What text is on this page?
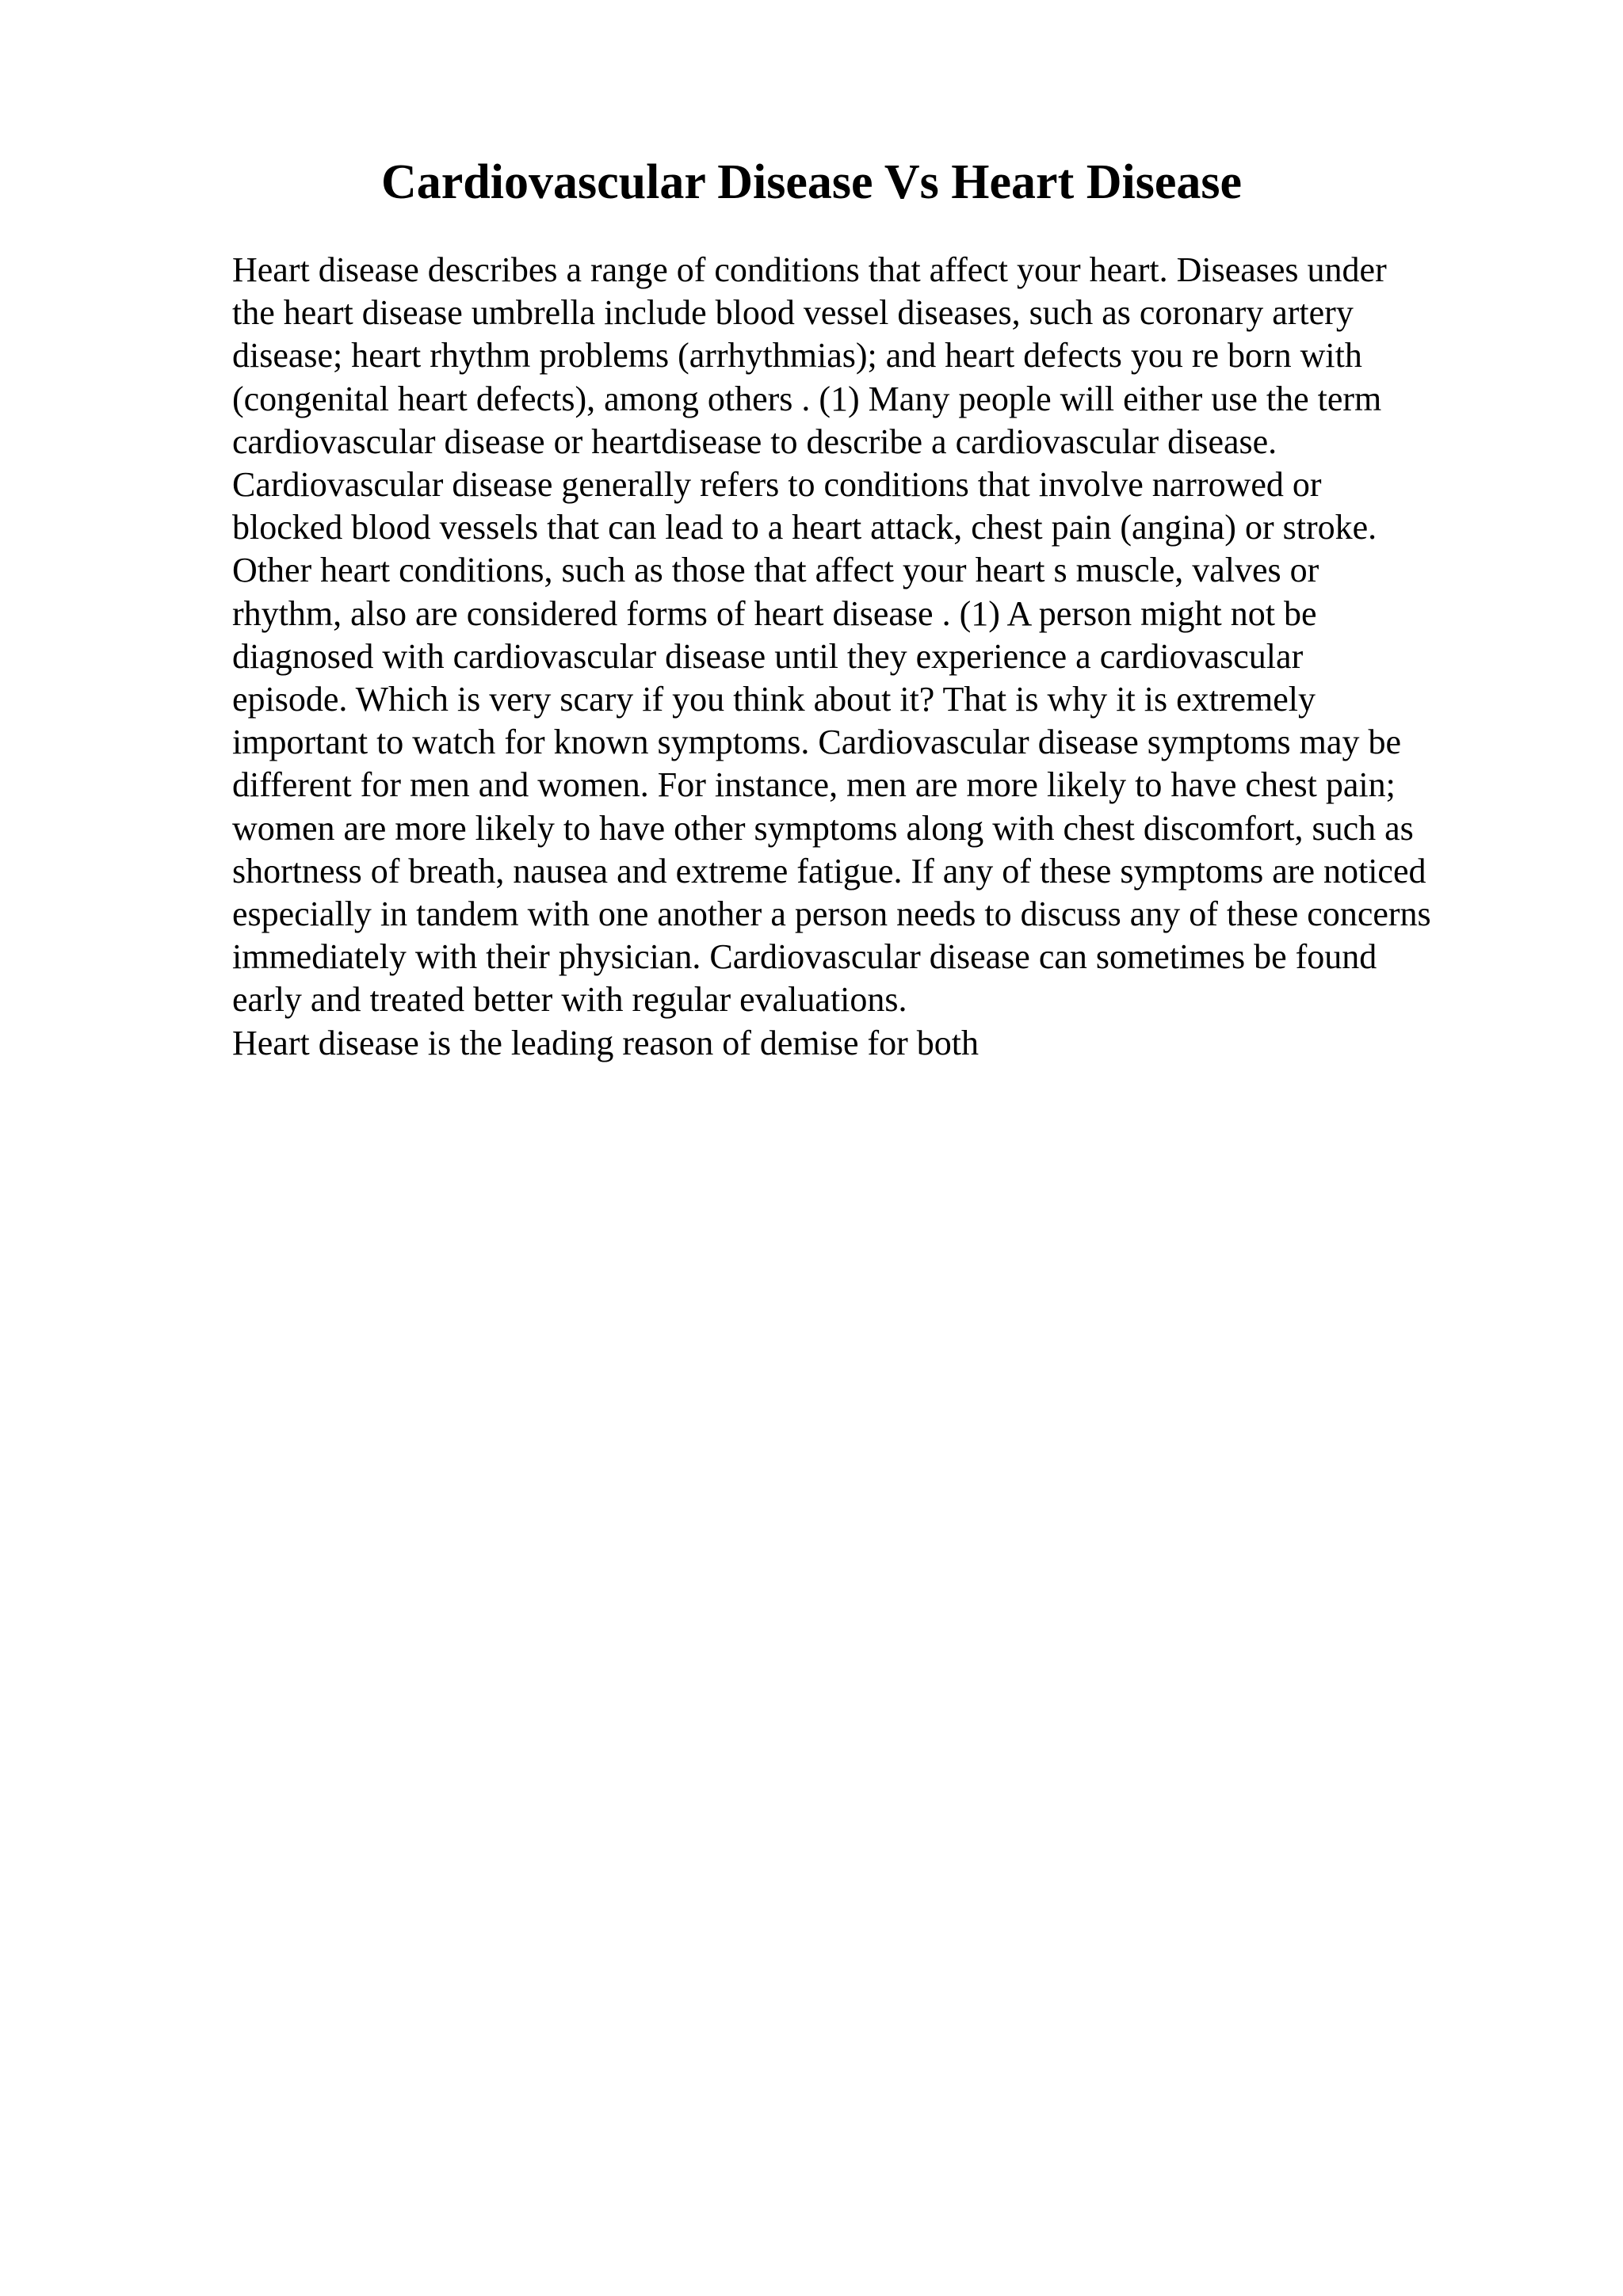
Cardiovascular Disease Vs Heart Disease
Heart disease describes a range of conditions that affect your heart. Diseases under
the heart disease umbrella include blood vessel diseases, such as coronary artery
disease; heart rhythm problems (arrhythmias); and heart defects you re born with
(congenital heart defects), among others . (1) Many people will either use the term
cardiovascular disease or heartdisease to describe a cardiovascular disease.
Cardiovascular disease generally refers to conditions that involve narrowed or
blocked blood vessels that can lead to a heart attack, chest pain (angina) or stroke.
Other heart conditions, such as those that affect your heart s muscle, valves or
rhythm, also are considered forms of heart disease . (1) A person might not be
diagnosed with cardiovascular disease until they experience a cardiovascular
episode. Which is very scary if you think about it? That is why it is extremely
important to watch for known symptoms. Cardiovascular disease symptoms may be
different for men and women. For instance, men are more likely to have chest pain;
women are more likely to have other symptoms along with chest discomfort, such as
shortness of breath, nausea and extreme fatigue. If any of these symptoms are noticed
especially in tandem with one another a person needs to discuss any of these concerns
immediately with their physician. Cardiovascular disease can sometimes be found
early and treated better with regular evaluations.
Heart disease is the leading reason of demise for both
